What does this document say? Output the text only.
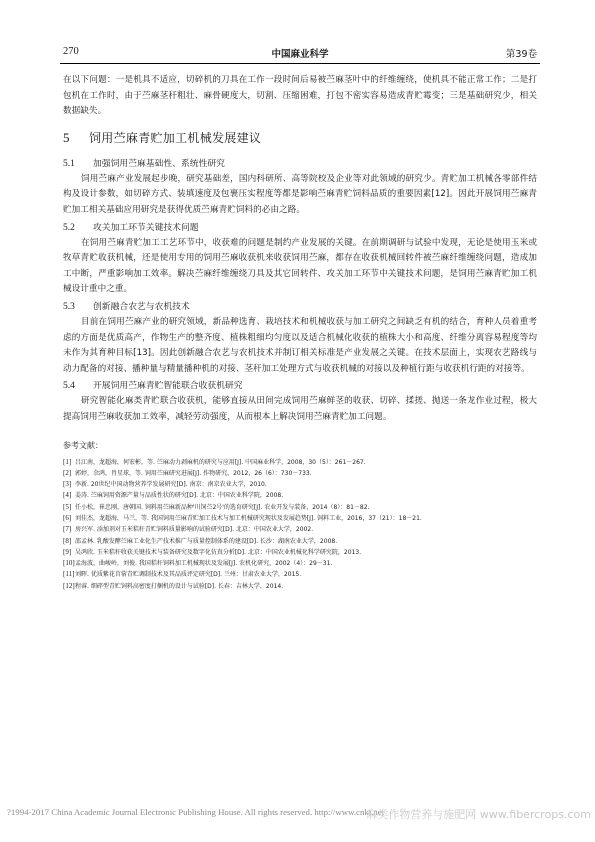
270	中国麻业科学	第39卷

在以下问题：一是机具不适应，切碎机的刀具在工作一段时间后易被苎麻茎叶中的纤维缠绕，使机具不能正常工作；二是打包机在工作时，由于苎麻茎秆粗壮、麻骨硬度大，切割、压缩困难，打包不密实容易造成青贮霉变；三是基础研究少，相关数据缺失。

5 饲用苎麻青贮加工机械发展建议
5.1 加强饲用苎麻基础性、系统性研究

饲用苎麻产业发展起步晚，研究基础差，国内科研所、高等院校及企业等对此领域的研究少。青贮加工机械各零部件结构及设计参数，如切碎方式、装填速度及包裹压实程度等都是影响苎麻青贮饲料品质的重要因素[12]。因此开展饲用苎麻青贮加工相关基础应用研究是获得优质苎麻青贮饲料的必由之路。

5.2 攻关加工环节关键技术问题

在饲用苎麻青贮加工工艺环节中，收获难的问题是制约产业发展的关键。在前期调研与试验中发现，无论是使用玉米或牧草青贮收获机械，还是使用专用的饲用苎麻收获机来收获饲用苎麻，都存在收获机械回转件被苎麻纤维缠绕问题，造成加工中断，严重影响加工效率。解决苎麻纤维缠绕刀具及其它回转件、攻关加工环节中关键技术问题，是饲用苎麻青贮加工机械设计重中之重。

5.3 创新融合农艺与农机技术

目前在饲用苎麻产业的研究领域，新品种选育、栽培技术和机械收获与加工研究之间缺乏有机的结合，育种人员着重考虑的方面是优质高产，作物生产的整齐度、植株粗细均匀度以及适合机械化收获的植株大小和高度、纤维分离容易程度等均未作为其育种目标[13]。因此创新融合农艺与农机技术并制订相关标准是产业发展之关键。在技术层面上，实现农艺路线与动力配备的对接、播种量与精量播种机的对接、茎秆加工处理方式与收获机械的对接以及种植行距与收获机行距的对接等。

5.4 开展饲用苎麻青贮智能联合收获机研究

研究智能化麻类青贮联合收获机，能够直接从田间完成饲用苎麻鲜茎的收获、切碎、揉搓、抛送一条龙作业过程，极大提高饲用苎麻收获加工效率，减轻劳动强度，从而根本上解决饲用苎麻青贮加工问题。

参考文献：
[1] 吕江南，龙超海，何宏彬，等. 苎麻动力剥麻机的研究与应用[J]. 中国麻业科学，2008，30（5）：261－267.
[2] 郭婷，余鸿，肖星球，等. 饲用苎麻研究进展[J]. 作物研究，2012，26（6）：730－733.
[3] 李新. 20世纪中国动物营养学发展研究[D]. 南京：南京农业大学，2010.
[4] 姜涛. 苎麻饲用资源产量与品质性状的研究[D]. 北京：中国农业科学院，2008.
[5] 任小松，崔忠刚，唐朝国. 饲料用苎麻新品种'川饲苎2号'的选育研究[J]. 农业开发与装备，2014（8）：81－82.
[6] 刘佳杰，龙超海，马兰，等. 我国饲用苎麻青贮加工技术与加工机械研究现状及发展趋势[J]. 饲料工业，2016，37（21）：18－21.
[7] 房兴军. 添加剂对玉米秸秆青贮饲料质量影响的试验研究[D]. 北京：中国农业大学，2002.
[8] 邵孟林. 乳酸发酵苎麻工业化生产技术推广与质量控制体系的建设[D]. 长沙：湖南农业大学，2008.
[9] 吴鸿欣. 玉米秸秆收获关键技术与装备研究及数字化仿真分析[D]. 北京：中国农业机械化科学研究院，2013.
[10]孟海波，曲峻岭，刘俊. 我国秸秆饲料加工机械现状及发展[J]. 农机化研究，2002（4）：29－31.
[11]刘晖. 优质紫花苜蓿青贮调制技术及其品质评定研究[D]. 兰州：甘肃农业大学，2015.
[12]程睿. 细碎型青贮饲料高密度打捆机的设计与试验[D]. 长春：吉林大学，2014.
?1994-2017 China Academic Journal Electronic Publishing House. All rights reserved. http://www.cnki.net
麻类作物营养与施肥网 www.fibercrops.com
